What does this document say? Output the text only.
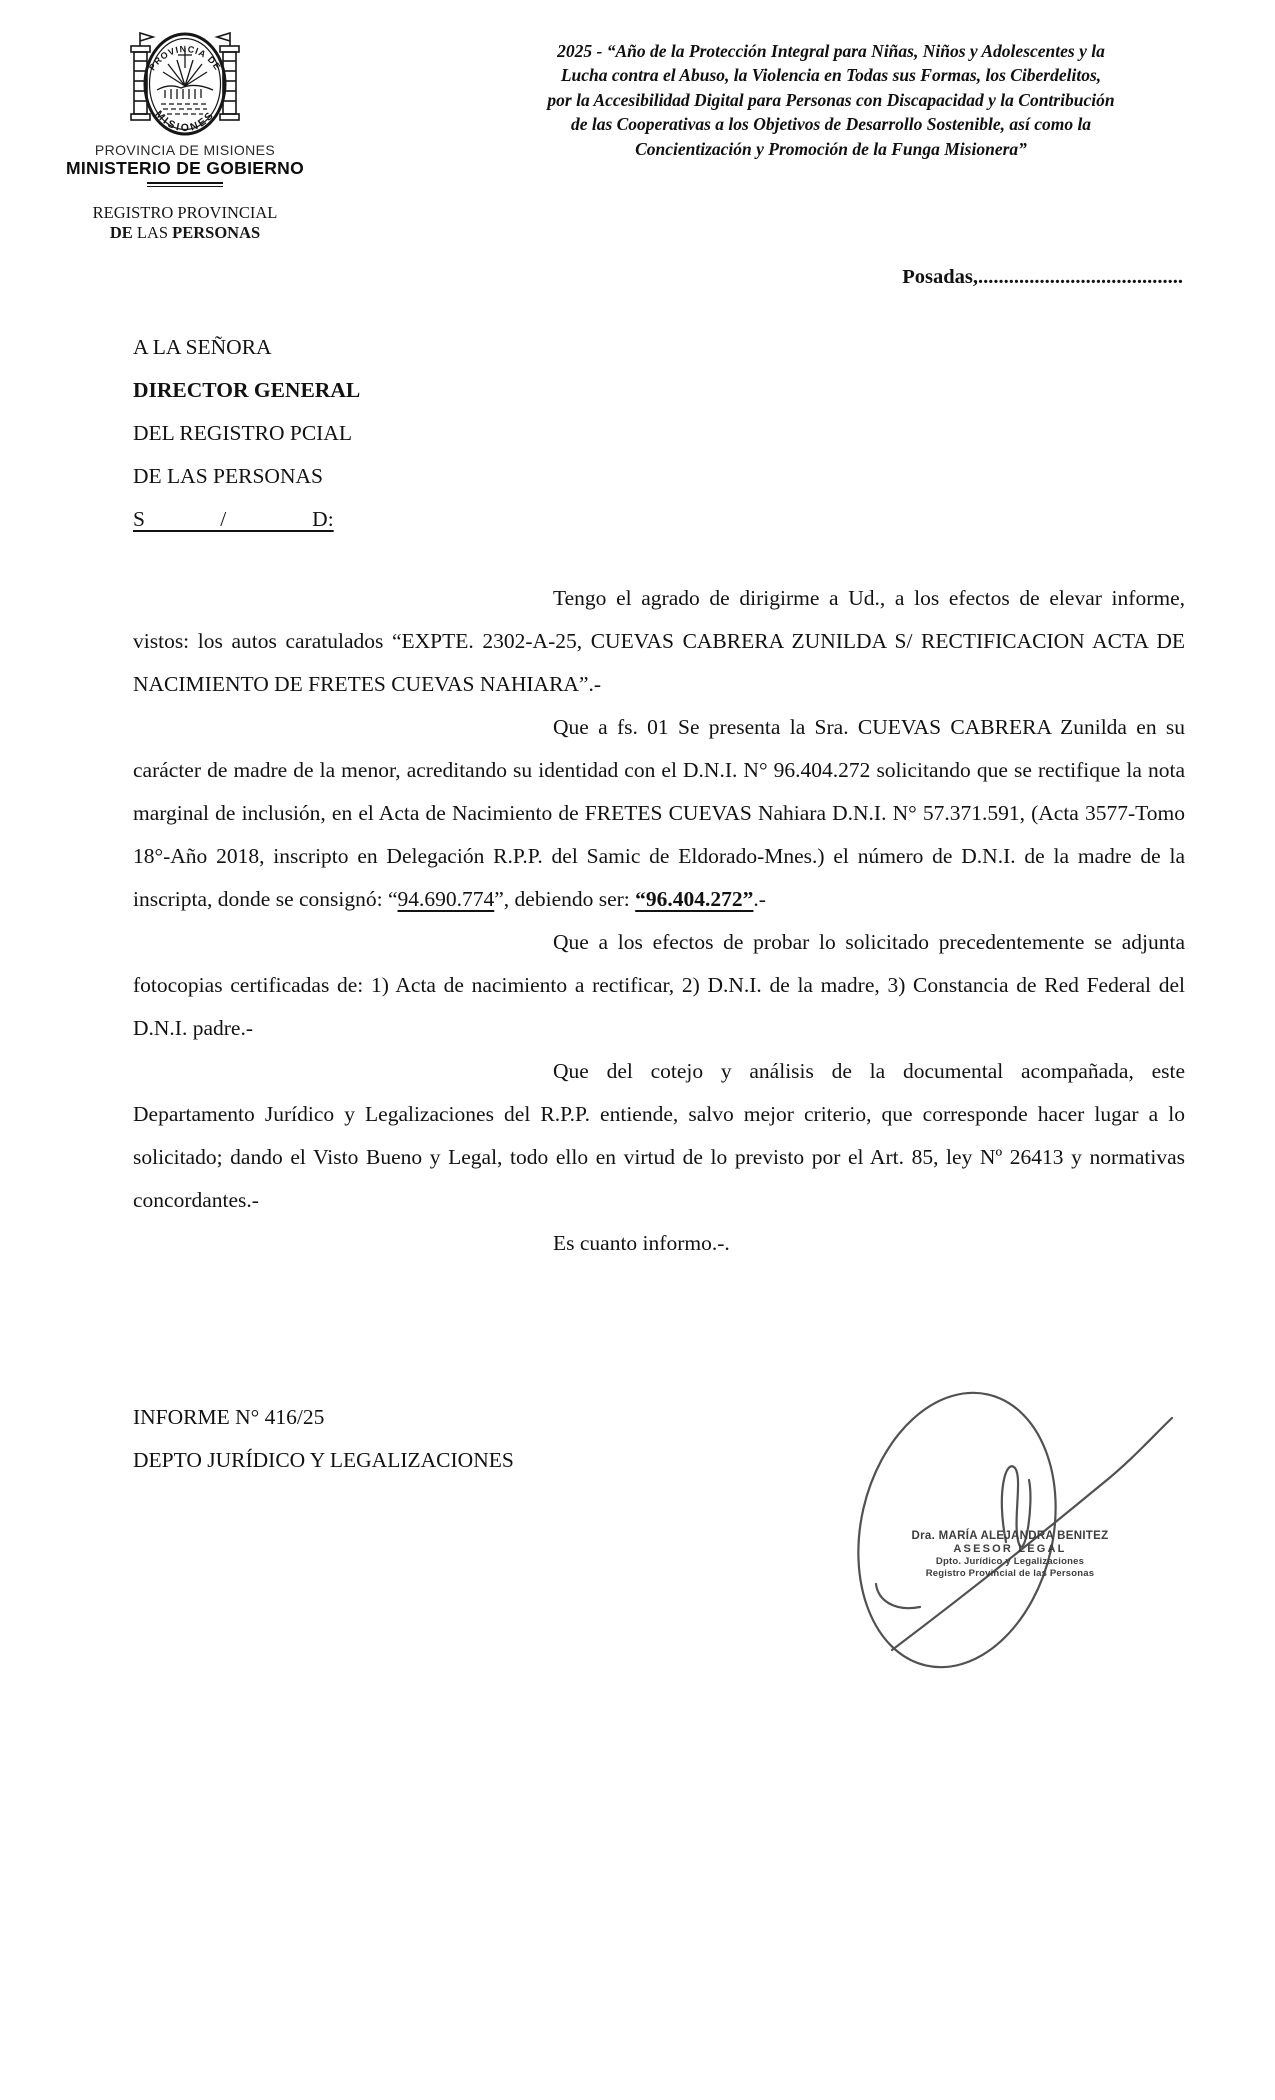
PROVINCIA DE
MISIONES
PROVINCIA DE MISIONES
MINISTERIO DE GOBIERNO
REGISTRO PROVINCIAL
DE LAS PERSONAS
2025 - “Año de la Protección Integral para Niñas, Niños y Adolescentes y la
Lucha contra el Abuso, la Violencia en Todas sus Formas, los Ciberdelitos,
por la Accesibilidad Digital para Personas con Discapacidad y la Contribución
de las Cooperativas a los Objetivos de Desarrollo Sostenible, así como la
Concientización y Promoción de la Funga Misionera”
Posadas,........................................
A LA SEÑORA
DIRECTOR GENERAL
DEL REGISTRO PCIAL
DE LAS PERSONAS
S              /                D:

Tengo el agrado de dirigirme a Ud., a los efectos de elevar informe, vistos: los autos caratulados “EXPTE. 2302-A-25, CUEVAS CABRERA ZUNILDA S/ RECTIFICACION ACTA DE NACIMIENTO DE FRETES CUEVAS NAHIARA”.-

Que a fs. 01 Se presenta la Sra. CUEVAS CABRERA Zunilda en su carácter de madre de la menor, acreditando su identidad con el D.N.I. N° 96.404.272 solicitando que se rectifique la nota marginal de inclusión, en el Acta de Nacimiento de FRETES CUEVAS Nahiara D.N.I. N° 57.371.591, (Acta 3577-Tomo 18°-Año 2018, inscripto en Delegación R.P.P. del Samic de Eldorado-Mnes.) el número de D.N.I. de la madre de la inscripta, donde se consignó: “94.690.774”, debiendo ser: “96.404.272”.-

Que a los efectos de probar lo solicitado precedentemente se adjunta fotocopias certificadas de: 1) Acta de nacimiento a rectificar, 2) D.N.I. de la madre, 3) Constancia de Red Federal del D.N.I. padre.-

Que del cotejo y análisis de la documental acompañada, este Departamento Jurídico y Legalizaciones del R.P.P. entiende, salvo mejor criterio, que corresponde hacer lugar a lo solicitado; dando el Visto Bueno y Legal, todo ello en virtud de lo previsto por el Art. 85, ley Nº 26413 y normativas concordantes.-

Es cuanto informo.-.

INFORME N° 416/25
DEPTO JURÍDICO Y LEGALIZACIONES
Dra. MARÍA ALEJANDRA BENITEZ
ASESOR LEGAL
Dpto. Jurídico y Legalizaciones
Registro Provincial de las Personas
